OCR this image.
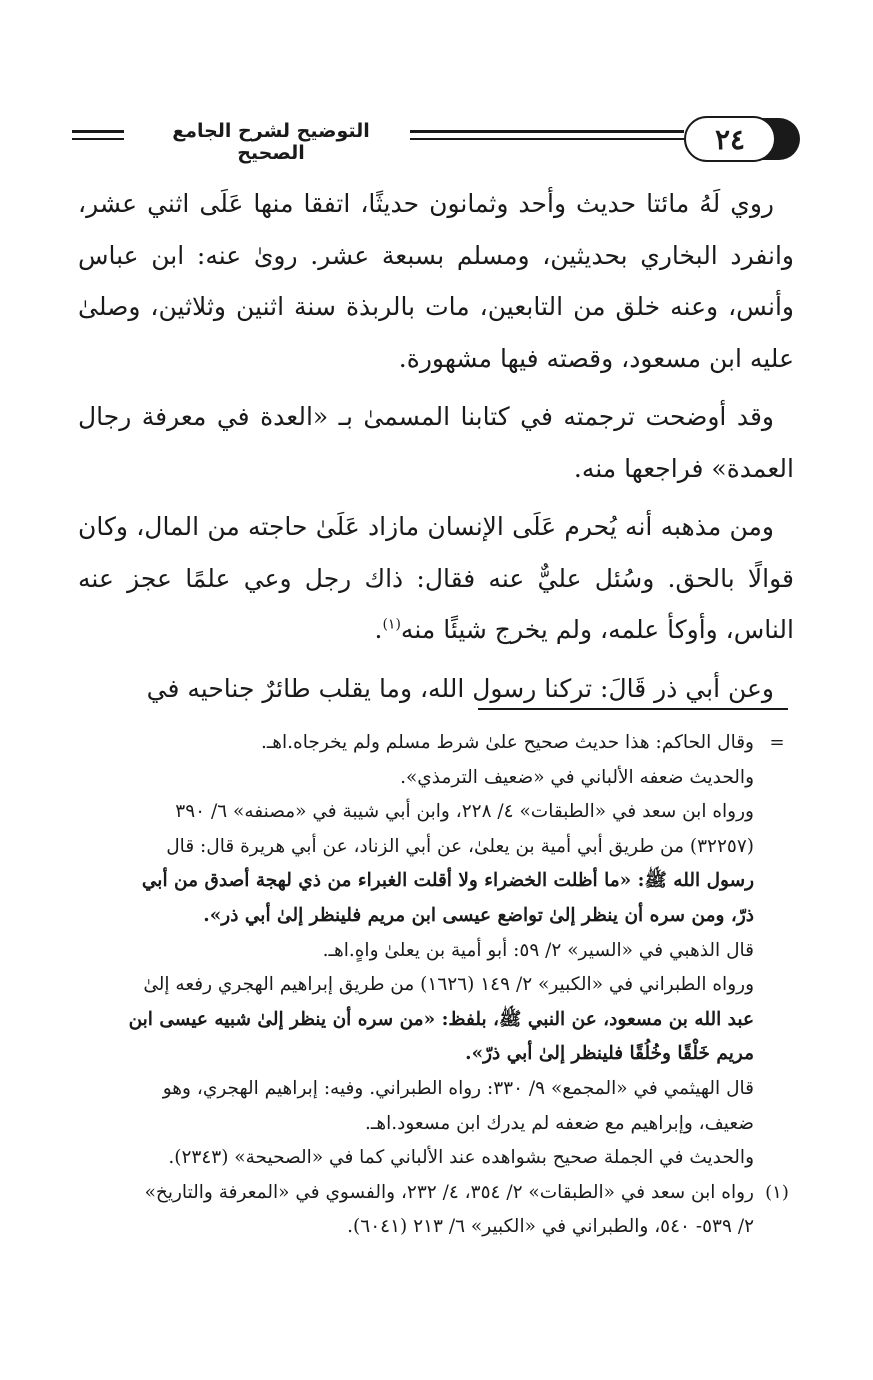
التوضيح لشرح الجامع الصحيح	٢٤

روي لَهُ مائتا حديث وأحد وثمانون حديثًا، اتفقا منها عَلَى اثني عشر، وانفرد البخاري بحديثين، ومسلم بسبعة عشر. رویٰ عنه: ابن عباس وأنس، وعنه خلق من التابعين، مات بالربذة سنة اثنين وثلاثين، وصلىٰ عليه ابن مسعود، وقصته فيها مشهورة.

وقد أوضحت ترجمته في كتابنا المسمىٰ بـ «العدة في معرفة رجال العمدة» فراجعها منه.

ومن مذهبه أنه يُحرم عَلَى الإنسان مازاد عَلَىٰ حاجته من المال، وكان قوالًا بالحق. وسُئل عليٌّ عنه فقال: ذاك رجل وعي علمًا عجز عنه الناس، وأوكأ علمه، ولم يخرج شيئًا منه$^{(١)}$.

وعن أبي ذر قَالَ: تركنا رسول الله، وما يقلب طائرٌ جناحيه في

=

وقال الحاكم: هذا حديث صحيح علىٰ شرط مسلم ولم يخرجاه.اهـ.

والحديث ضعفه الألباني في «ضعيف الترمذي».

ورواه ابن سعد في «الطبقات» ٤/ ٢٢٨، وابن أبي شيبة في «مصنفه» ٦/ ٣٩٠

(٣٢٢٥٧) من طريق أبي أمية بن يعلىٰ، عن أبي الزناد، عن أبي هريرة قال: قال

رسول الله ﷺ: «ما أظلت الخضراء ولا أقلت الغبراء من ذي لهجة أصدق من أبي

ذرّ، ومن سره أن ينظر إلىٰ تواضع عيسى ابن مريم فلينظر إلىٰ أبي ذر».

قال الذهبي في «السير» ٢/ ٥٩: أبو أمية بن يعلىٰ واهٍ.اهـ.

ورواه الطبراني في «الكبير» ٢/ ١٤٩ (١٦٢٦) من طريق إبراهيم الهجري رفعه إلىٰ

عبد الله بن مسعود، عن النبي ﷺ، بلفظ: «من سره أن ينظر إلىٰ شبيه عيسى ابن

مريم خَلْقًا وخُلُقًا فلينظر إلىٰ أبي ذرّ».

قال الهيثمي في «المجمع» ٩/ ٣٣٠: رواه الطبراني. وفيه: إبراهيم الهجري، وهو

ضعيف، وإبراهيم مع ضعفه لم يدرك ابن مسعود.اهـ.

والحديث في الجملة صحيح بشواهده عند الألباني كما في «الصحيحة» (٢٣٤٣).

(١)

رواه ابن سعد في «الطبقات» ٢/ ٣٥٤، ٤/ ٢٣٢، والفسوي في «المعرفة والتاريخ»

٢/ ٥٣٩- ٥٤٠، والطبراني في «الكبير» ٦/ ٢١٣ (٦٠٤١).
